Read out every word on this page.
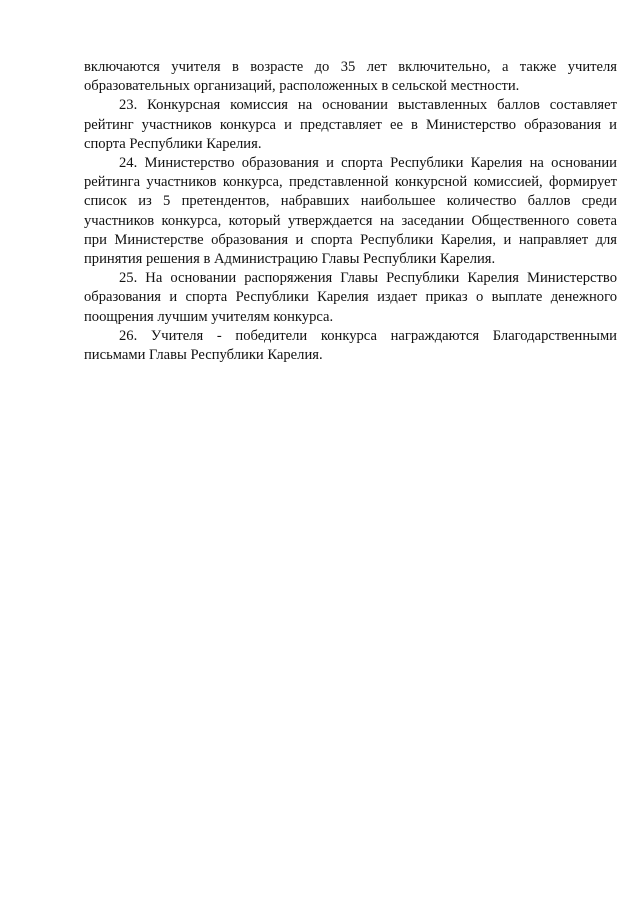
включаются учителя в возрасте до 35 лет включительно, а также учителя образовательных организаций, расположенных в сельской местности.

23. Конкурсная комиссия на основании выставленных баллов составляет рейтинг участников конкурса и представляет ее в Министерство образования и спорта Республики Карелия.

24. Министерство образования и спорта Республики Карелия на основании рейтинга участников конкурса, представленной конкурсной комиссией, формирует список из 5 претендентов, набравших наибольшее количество баллов среди участников конкурса, который утверждается на заседании Общественного совета при Министерстве образования и спорта Республики Карелия, и направляет для принятия решения в Администрацию Главы Республики Карелия.

25. На основании распоряжения Главы Республики Карелия Министерство образования и спорта Республики Карелия издает приказ о выплате денежного поощрения лучшим учителям конкурса.

26. Учителя - победители конкурса награждаются Благодарственными письмами Главы Республики Карелия.
